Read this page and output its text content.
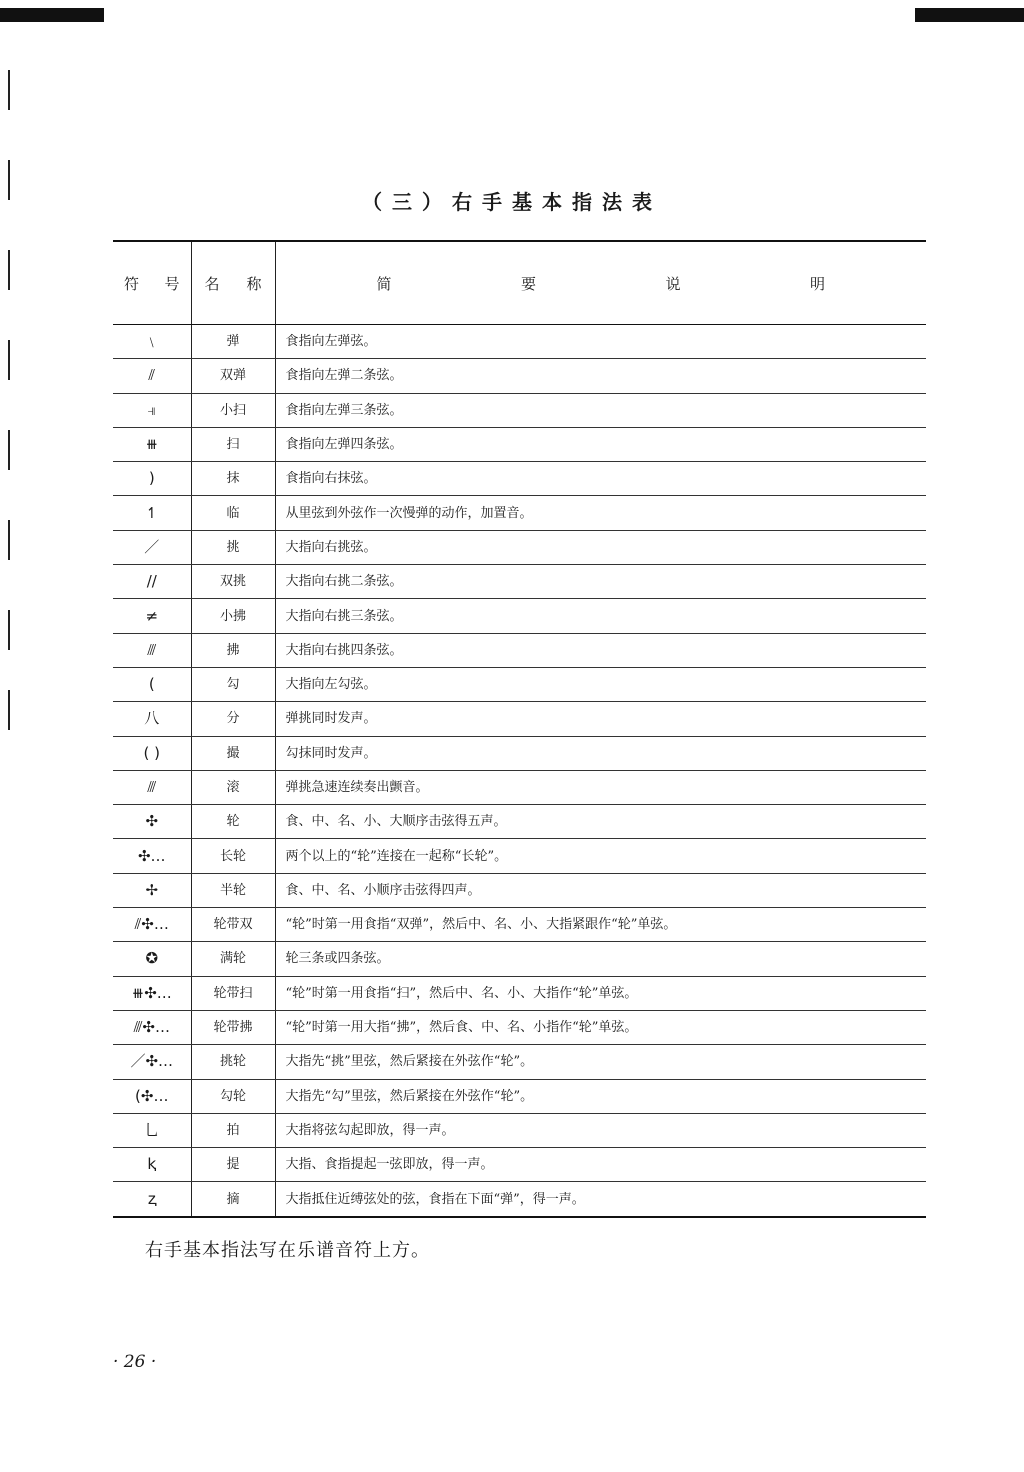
（三）右手基本指法表
符 号	名 称	简 要 说 明

﹨	弹	食指向左弹弦。
⫽	双弹	食指向左弹二条弦。
⫣	小扫	食指向左弹三条弦。
⧻	扫	食指向左弹四条弦。
)	抹	食指向右抹弦。
↿	临	从里弦到外弦作一次慢弹的动作，加置音。
／	挑	大指向右挑弦。
//	双挑	大指向右挑二条弦。
≠	小拂	大指向右挑三条弦。
⫻	拂	大指向右挑四条弦。
(	勾	大指向左勾弦。
八	分	弹挑同时发声。
( )	撮	勾抹同时发声。
⫻	滚	弹挑急速连续奏出颤音。
✣	轮	食、中、名、小、大顺序击弦得五声。
✣…	长轮	两个以上的“轮”连接在一起称“长轮”。
✢	半轮	食、中、名、小顺序击弦得四声。
⫽✣…	轮带双	“轮”时第一用食指“双弹”，然后中、名、小、大指紧跟作“轮”单弦。
✪	满轮	轮三条或四条弦。
⧻✣…	轮带扫	“轮”时第一用食指“扫”，然后中、名、小、大指作“轮”单弦。
⫻✣…	轮带拂	“轮”时第一用大指“拂”，然后食、中、名、小指作“轮”单弦。
／✣…	挑轮	大指先“挑”里弦，然后紧接在外弦作“轮”。
(✣…	勾轮	大指先“勾”里弦，然后紧接在外弦作“轮”。
乚	拍	大指将弦勾起即放，得一声。
ⱪ	提	大指、食指提起一弦即放，得一声。
ⱬ	摘	大指抵住近缚弦处的弦，食指在下面“弹”，得一声。
右手基本指法写在乐谱音符上方。
· 26 ·
